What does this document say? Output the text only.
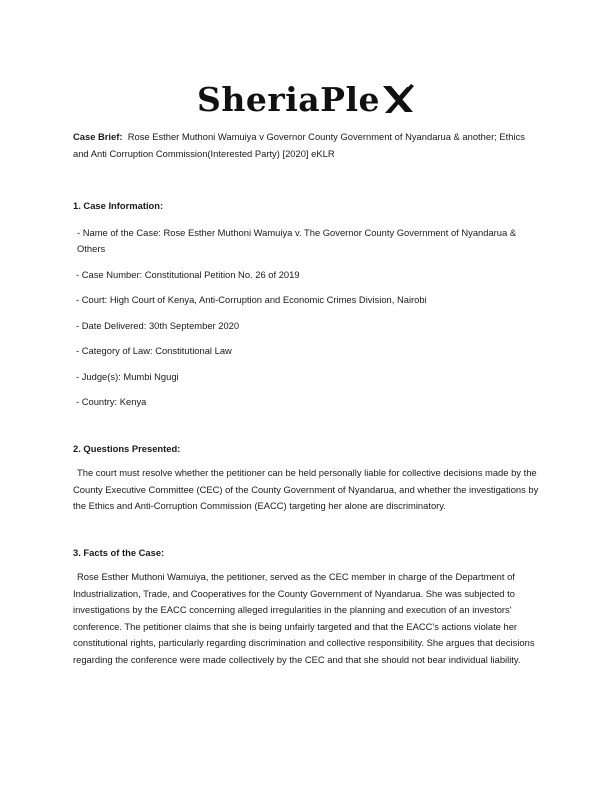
SheriaPle

Case Brief: Rose Esther Muthoni Wamuiya v Governor County Government of Nyandarua & another; Ethics and Anti Corruption Commission(Interested Party) [2020] eKLR

1. Case Information:

- Name of the Case: Rose Esther Muthoni Wamuiya v. The Governor County Government of Nyandarua & Others

- Case Number: Constitutional Petition No. 26 of 2019

- Court: High Court of Kenya, Anti-Corruption and Economic Crimes Division, Nairobi

- Date Delivered: 30th September 2020

- Category of Law: Constitutional Law

- Judge(s): Mumbi Ngugi

- Country: Kenya

2. Questions Presented:

The court must resolve whether the petitioner can be held personally liable for collective decisions made by the County Executive Committee (CEC) of the County Government of Nyandarua, and whether the investigations by the Ethics and Anti-Corruption Commission (EACC) targeting her alone are discriminatory.

3. Facts of the Case:

Rose Esther Muthoni Wamuiya, the petitioner, served as the CEC member in charge of the Department of Industrialization, Trade, and Cooperatives for the County Government of Nyandarua. She was subjected to investigations by the EACC concerning alleged irregularities in the planning and execution of an investors' conference. The petitioner claims that she is being unfairly targeted and that the EACC's actions violate her constitutional rights, particularly regarding discrimination and collective responsibility. She argues that decisions regarding the conference were made collectively by the CEC and that she should not bear individual liability.
